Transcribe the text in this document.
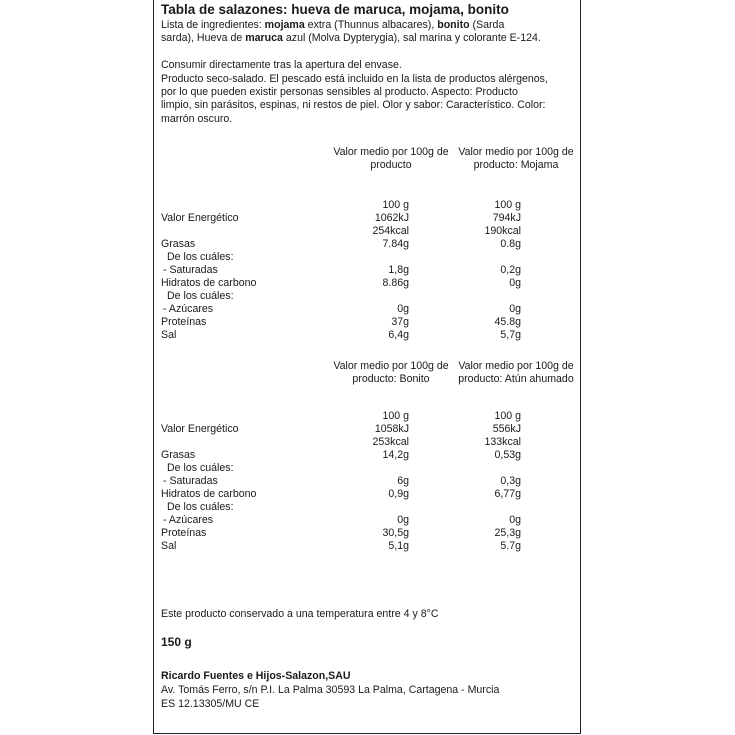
Tabla de salazones: hueva de maruca, mojama, bonito
Lista de ingredientes: mojama extra (Thunnus albacares), bonito (Sarda
sarda), Hueva de maruca azul (Molva Dypterygia), sal marina y colorante E-124.
Consumir directamente tras la apertura del envase.
Producto seco-salado. El pescado está incluido en la lista de productos alérgenos,
por lo que pueden existir personas sensibles al producto. Aspecto: Producto
limpio, sin parásitos, espinas, ni restos de piel. Olor y sabor: Característico. Color:
marrón oscuro.
Valor medio por 100g de
producto
Valor medio por 100g de
producto: Mojama
100 g	100 g
Valor Energético	1062kJ	794kJ
254kcal	190kcal
Grasas	7.84g	0.8g
De los cuáles:
- Saturadas	1,8g	0,2g
Hidratos de carbono	8.86g	0g
De los cuáles:
- Azúcares	0g	0g
Proteínas	37g	45.8g
Sal	6,4g	5,7g
Valor medio por 100g de
producto: Bonito
Valor medio por 100g de
producto: Atún ahumado
100 g	100 g
Valor Energético	1058kJ	556kJ
253kcal	133kcal
Grasas	14,2g	0,53g
De los cuáles:
- Saturadas	6g	0,3g
Hidratos de carbono	0,9g	6,77g
De los cuáles:
- Azúcares	0g	0g
Proteínas	30,5g	25,3g
Sal	5,1g	5.7g
Este producto conservado a una temperatura entre 4 y 8°C
150 g
Ricardo Fuentes e Hijos-Salazon,SAU
Av. Tomás Ferro, s/n P.I. La Palma 30593 La Palma, Cartagena - Murcia
ES 12.13305/MU CE
